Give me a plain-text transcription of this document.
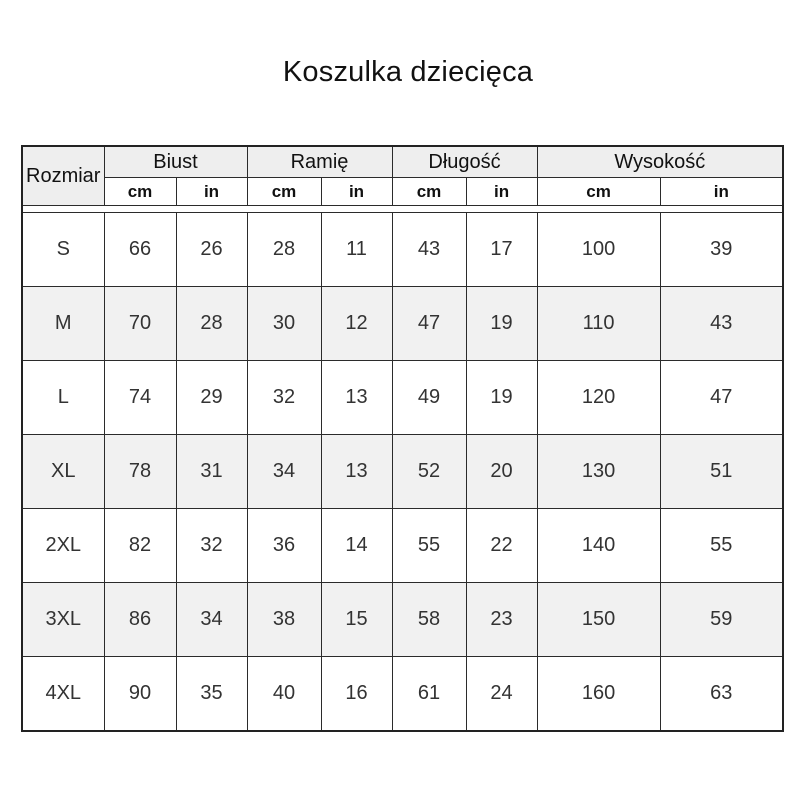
Koszulka dziecięca
Rozmiar	Biust		Ramię		Długość		Wysokość	
	cm	in	cm	in	cm	in	cm	in

S	66	26	28	11	43	17	100	39
M	70	28	30	12	47	19	110	43
L	74	29	32	13	49	19	120	47
XL	78	31	34	13	52	20	130	51
2XL	82	32	36	14	55	22	140	55
3XL	86	34	38	15	58	23	150	59
4XL	90	35	40	16	61	24	160	63
